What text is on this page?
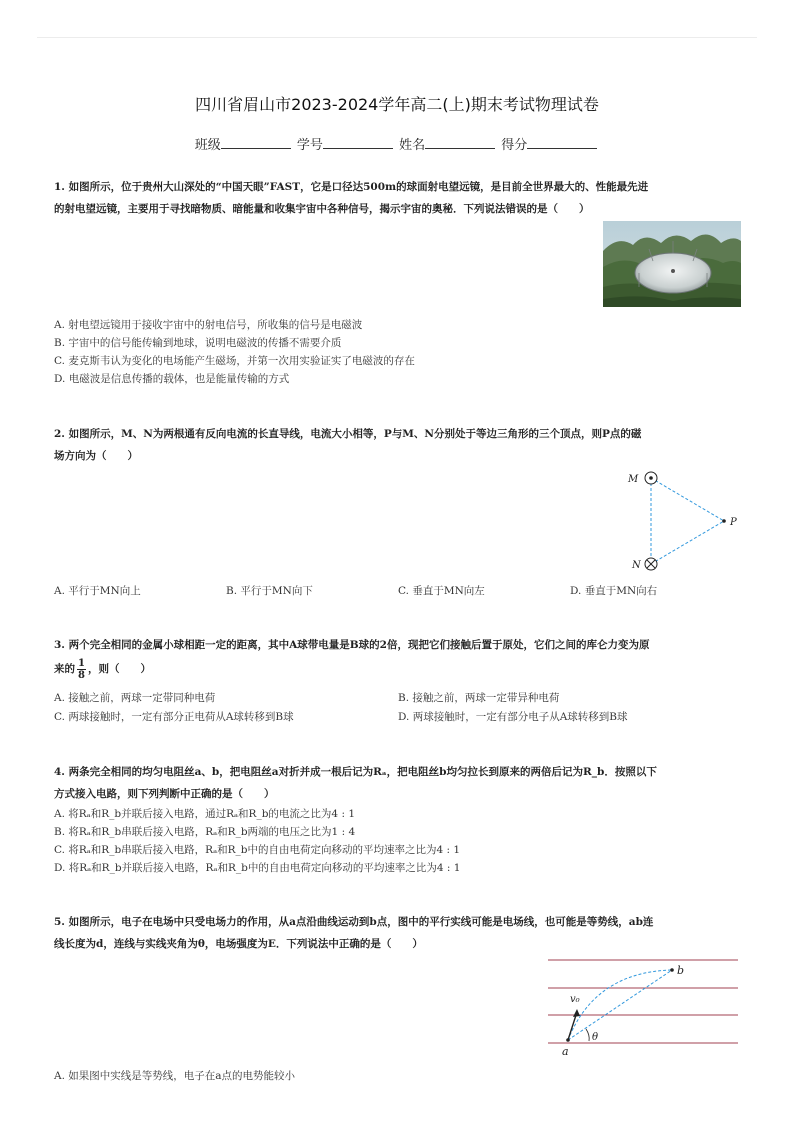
四川省眉山市2023-2024学年高二(上)期末考试物理试卷
班级	学号	姓名	得分
1. 如图所示，位于贵州大山深处的“中国天眼”FAST，它是口径达500m的球面射电望远镜，是目前全世界最大的、性能最先进
的射电望远镜，主要用于寻找暗物质、暗能量和收集宇宙中各种信号，揭示宇宙的奥秘．下列说法错误的是（　　）
A. 射电望远镜用于接收宇宙中的射电信号，所收集的信号是电磁波
B. 宇宙中的信号能传输到地球，说明电磁波的传播不需要介质
C. 麦克斯韦认为变化的电场能产生磁场，并第一次用实验证实了电磁波的存在
D. 电磁波是信息传播的载体，也是能量传输的方式
2. 如图所示，M、N为两根通有反向电流的长直导线，电流大小相等，P与M、N分别处于等边三角形的三个顶点，则P点的磁
场方向为（　　）
M
N
P
A. 平行于MN向上	B. 平行于MN向下	C. 垂直于MN向左	D. 垂直于MN向右
3. 两个完全相同的金属小球相距一定的距离，其中A球带电量是B球的2倍，现把它们接触后置于原处，它们之间的库仑力变为原
来的 1
8 ，则（　　）
A. 接触之前，两球一定带同种电荷	B. 接触之前，两球一定带异种电荷
C. 两球接触时，一定有部分正电荷从A球转移到B球	D. 两球接触时，一定有部分电子从A球转移到B球
4. 两条完全相同的均匀电阻丝a、b，把电阻丝a对折并成一根后记为Rₐ，把电阻丝b均匀拉长到原来的两倍后记为R_b．按照以下
方式接入电路，则下列判断中正确的是（　　）
A. 将Rₐ和R_b并联后接入电路，通过Rₐ和R_b的电流之比为4 : 1
B. 将Rₐ和R_b串联后接入电路，Rₐ和R_b两端的电压之比为1 : 4
C. 将Rₐ和R_b串联后接入电路，Rₐ和R_b中的自由电荷定向移动的平均速率之比为4 : 1
D. 将Rₐ和R_b并联后接入电路，Rₐ和R_b中的自由电荷定向移动的平均速率之比为4 : 1
5. 如图所示，电子在电场中只受电场力的作用，从a点沿曲线运动到b点，图中的平行实线可能是电场线，也可能是等势线，ab连
线长度为d，连线与实线夹角为θ，电场强度为E．下列说法中正确的是（　　）
v₀
θ
a
b
A. 如果图中实线是等势线，电子在a点的电势能较小
